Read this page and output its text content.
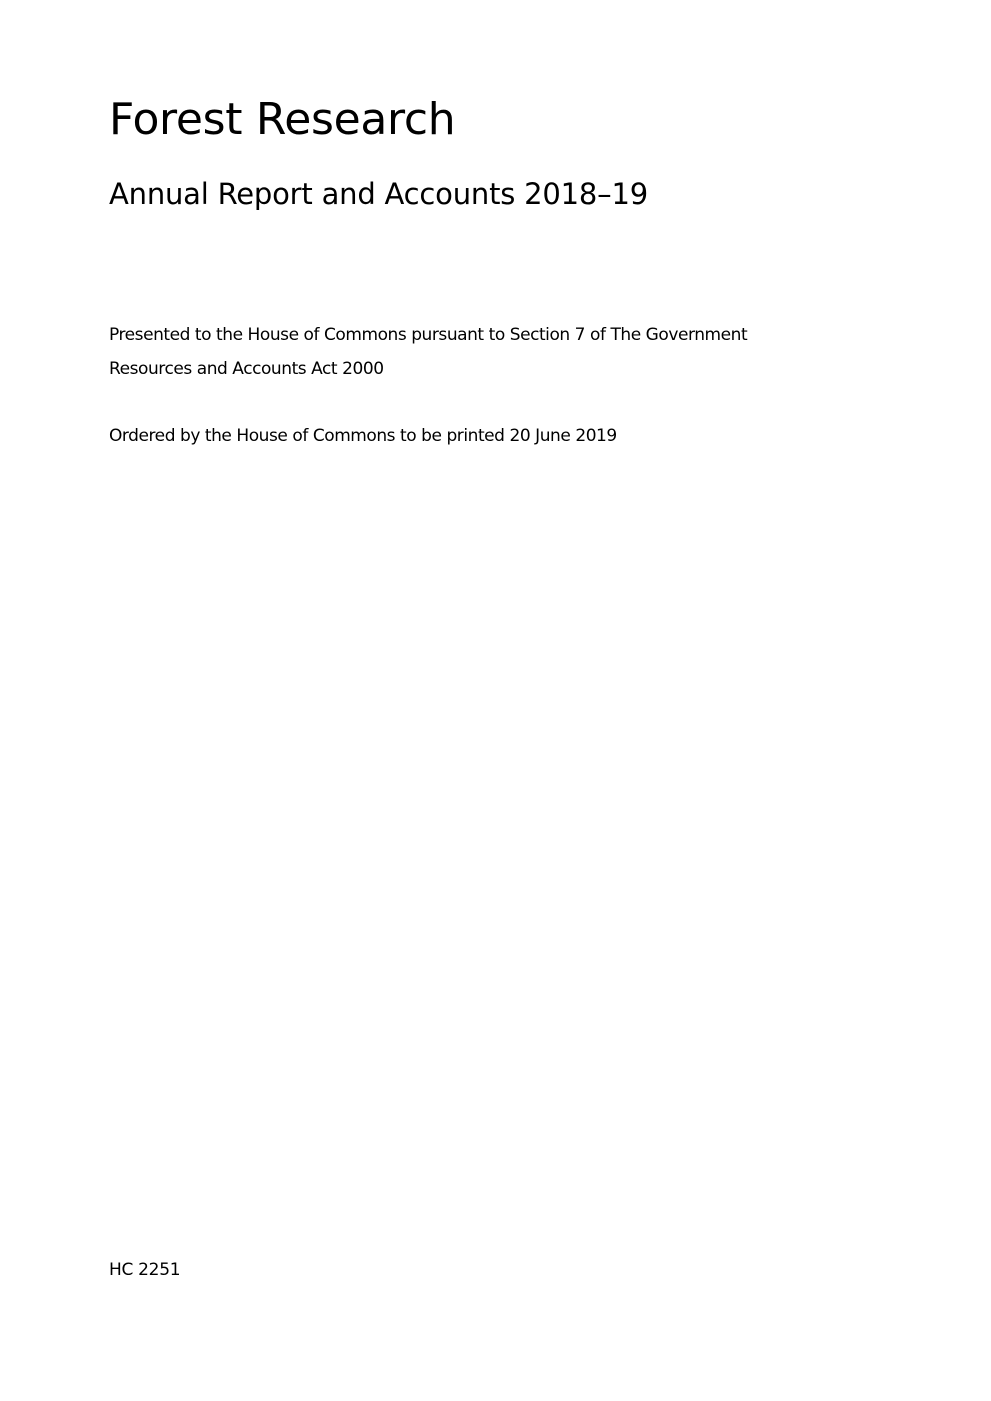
Forest Research
Annual Report and Accounts 2018–19
Presented to the House of Commons pursuant to Section 7 of The Government
Resources and Accounts Act 2000

Ordered by the House of Commons to be printed 20 June 2019

HC 2251
